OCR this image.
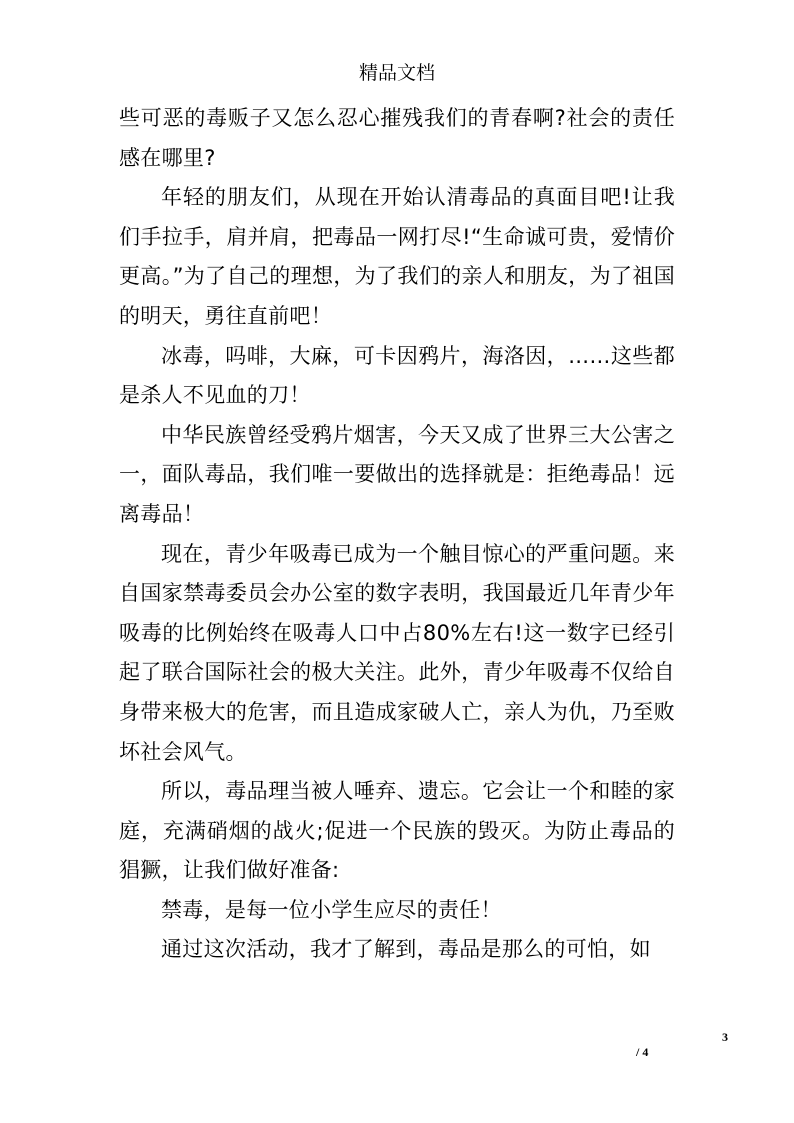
精品文档

些可恶的毒贩子又怎么忍心摧残我们的青春啊?社会的责任感在哪里?

年轻的朋友们，从现在开始认清毒品的真面目吧!让我们手拉手，肩并肩，把毒品一网打尽!“生命诚可贵，爱情价更高。”为了自己的理想，为了我们的亲人和朋友，为了祖国的明天，勇往直前吧！

冰毒，吗啡，大麻，可卡因鸦片，海洛因，……这些都是杀人不见血的刀！

中华民族曾经受鸦片烟害，今天又成了世界三大公害之一，面队毒品，我们唯一要做出的选择就是：拒绝毒品！远离毒品！

现在，青少年吸毒已成为一个触目惊心的严重问题。来自国家禁毒委员会办公室的数字表明，我国最近几年青少年吸毒的比例始终在吸毒人口中占80%左右!这一数字已经引起了联合国际社会的极大关注。此外，青少年吸毒不仅给自身带来极大的危害，而且造成家破人亡，亲人为仇，乃至败坏社会风气。

所以，毒品理当被人唾弃、遗忘。它会让一个和睦的家庭，充满硝烟的战火;促进一个民族的毁灭。为防止毒品的猖獗，让我们做好准备:

禁毒，是每一位小学生应尽的责任！

通过这次活动，我才了解到，毒品是那么的可怕，如

3
/ 4
